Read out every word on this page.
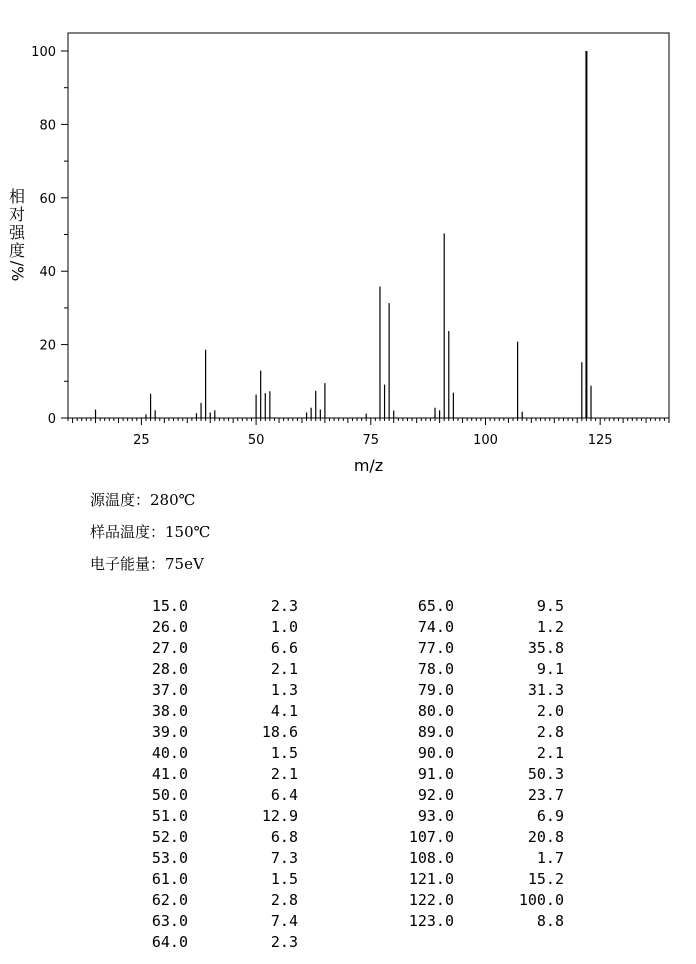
25	50	75	100	125
0
20
40
60
80
100
m/z
相
对
强
度
/%
源温度：280℃
样品温度：150℃
电子能量：75eV
15.0	2.3
26.0	1.0
27.0	6.6
28.0	2.1
37.0	1.3
38.0	4.1
39.0	18.6
40.0	1.5
41.0	2.1
50.0	6.4
51.0	12.9
52.0	6.8
53.0	7.3
61.0	1.5
62.0	2.8
63.0	7.4
64.0	2.3
65.0	9.5
74.0	1.2
77.0	35.8
78.0	9.1
79.0	31.3
80.0	2.0
89.0	2.8
90.0	2.1
91.0	50.3
92.0	23.7
93.0	6.9
107.0	20.8
108.0	1.7
121.0	15.2
122.0	100.0
123.0	8.8
